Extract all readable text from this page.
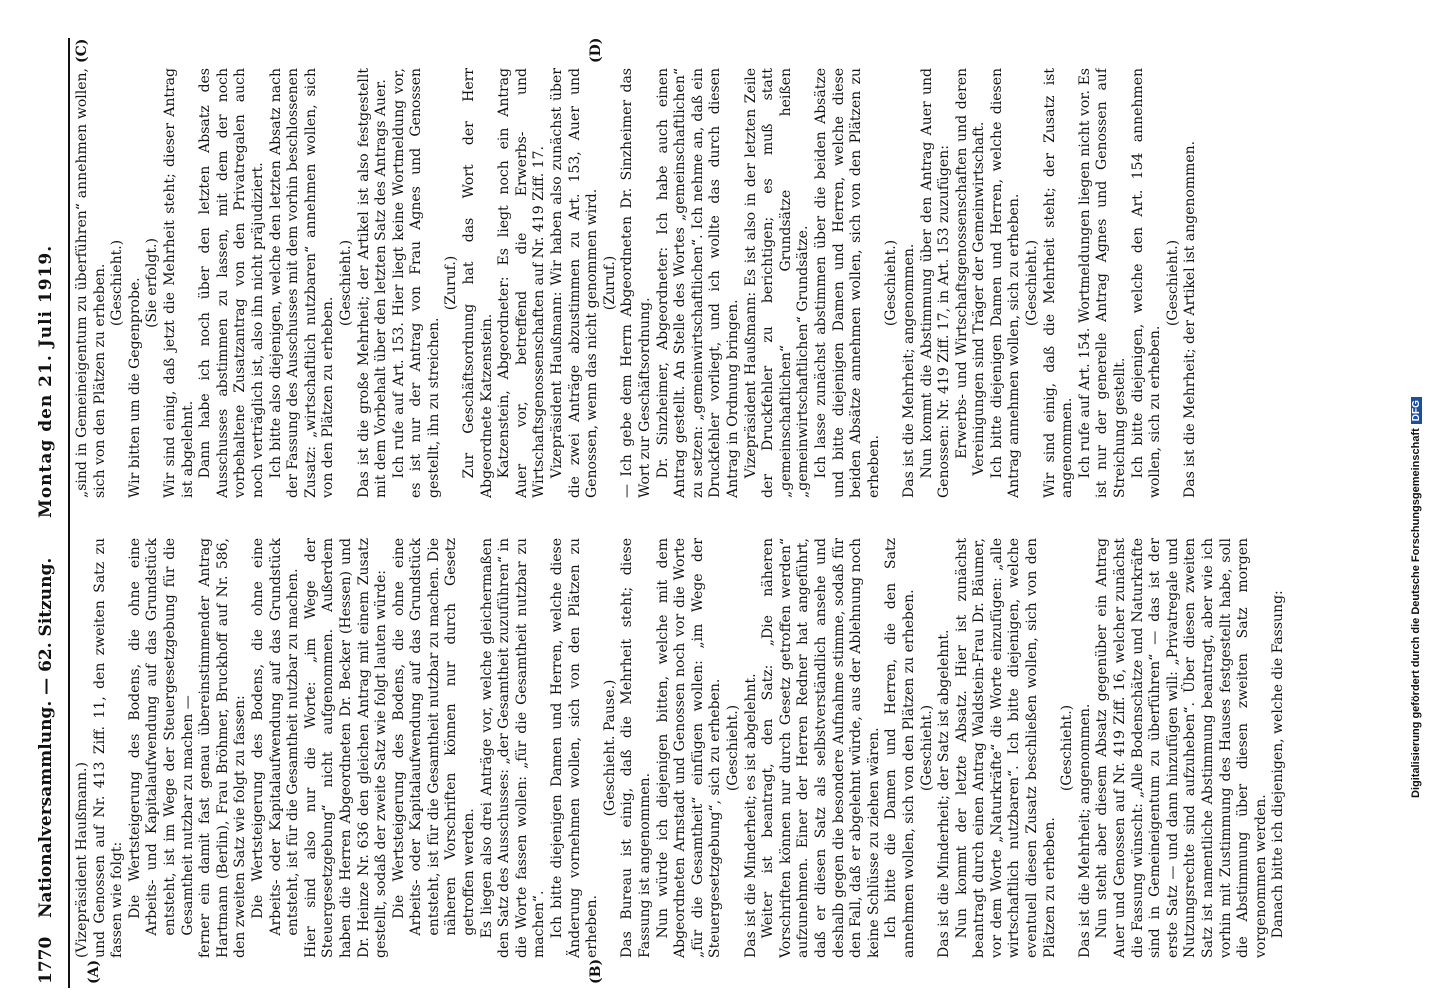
1770
Nationalversammlung. — 62. Sitzung.
Montag den 21. Juli 1919.
(A)	(B)
(C)	(D)

(Vizepräsident Haußmann.) und Genossen auf Nr. 413 Ziff. 11, den zweiten Satz zu fassen wie folgt: Die Wertsteigerung des Bodens, die ohne eine Arbeits- und Kapitalaufwendung auf das Grundstück entsteht, ist im Wege der Steuergesetzgebung für die Gesamtheit nutzbar zu machen — ferner ein damit fast genau übereinstimmender Antrag Hartmann (Berlin), Frau Bröhmer, Bruckhoff auf Nr. 586, den zweiten Satz wie folgt zu fassen: Die Wertsteigerung des Bodens, die ohne eine Arbeits- oder Kapitalaufwendung auf das Grundstück entsteht, ist für die Gesamtheit nutzbar zu machen. Hier sind also nur die Worte: „im Wege der Steuergesetzgebung“ nicht aufgenommen. Außerdem haben die Herren Abgeordneten Dr. Becker (Hessen) und Dr. Heinze Nr. 636 den gleichen Antrag mit einem Zusatz gestellt, sodaß der zweite Satz wie folgt lauten würde: Die Wertsteigerung des Bodens, die ohne eine Arbeits- oder Kapitalaufwendung auf das Grundstück entsteht, ist für die Gesamtheit nutzbar zu machen. Die näheren Vorschriften können nur durch Gesetz getroffen werden. Es liegen also drei Anträge vor, welche gleichermaßen den Satz des Ausschusses: „der Gesamtheit zuzuführen“ in die Worte fassen wollen: „für die Gesamtheit nutzbar zu machen“. Ich bitte diejenigen Damen und Herren, welche diese Änderung vornehmen wollen, sich von den Plätzen zu erheben.

(Geschieht. Pause.) Das Bureau ist einig, daß die Mehrheit steht; diese Fassung ist angenommen. Nun würde ich diejenigen bitten, welche mit dem Abgeordneten Arnstadt und Genossen noch vor die Worte „für die Gesamtheit“ einfügen wollen: „im Wege der Steuergesetzgebung“, sich zu erheben. (Geschieht.) Das ist die Minderheit; es ist abgelehnt. Weiter ist beantragt, den Satz: „Die näheren Vorschriften können nur durch Gesetz getroffen werden“ aufzunehmen. Einer der Herren Redner hat angeführt, daß er diesen Satz als selbstverständlich ansehe und deshalb gegen die besondere Aufnahme stimme, sodaß für den Fall, daß er abgelehnt würde, aus der Ablehnung noch keine Schlüsse zu ziehen wären. Ich bitte die Damen und Herren, die den Satz annehmen wollen, sich von den Plätzen zu erheben. (Geschieht.) Das ist die Minderheit; der Satz ist abgelehnt. Nun kommt der letzte Absatz. Hier ist zunächst beantragt durch einen Antrag Waldstein-Frau Dr. Bäumer, vor dem Worte „Naturkräfte“ die Worte einzufügen: „alle wirtschaftlich nutzbaren“. Ich bitte diejenigen, welche eventuell diesen Zusatz beschließen wollen, sich von den Plätzen zu erheben.

(Geschieht.) Das ist die Mehrheit; angenommen. Nun steht aber diesem Absatz gegenüber ein Antrag Auer und Genossen auf Nr. 419 Ziff. 16, welcher zunächst die Fassung wünscht: „Alle Bodenschätze und Naturkräfte sind in Gemeineigentum zu überführen“ — das ist der erste Satz — und dann hinzufügen will: „Privatregale und Nutzungsrechte sind aufzuheben“. Über diesen zweiten Satz ist namentliche Abstimmung beantragt, aber wie ich vorhin mit Zustimmung des Hauses festgestellt habe, soll die Abstimmung über diesen zweiten Satz morgen vorgenommen werden. Danach bitte ich diejenigen, welche die Fassung:

„sind in Gemeineigentum zu überführen“ annehmen wollen, sich von den Plätzen zu erheben. (Geschieht.) Wir bitten um die Gegenprobe. (Sie erfolgt.) Wir sind einig, daß jetzt die Mehrheit steht; dieser Antrag ist abgelehnt. Dann habe ich noch über den letzten Absatz des Ausschusses abstimmen zu lassen, mit dem der noch vorbehaltene Zusatzantrag von den Privatregalen auch noch verträglich ist, also ihn nicht präjudiziert. Ich bitte also diejenigen, welche den letzten Absatz nach der Fassung des Ausschusses mit dem vorhin beschlossenen Zusatz: „wirtschaftlich nutzbaren“ annehmen wollen, sich von den Plätzen zu erheben.

(Geschieht.) Das ist die große Mehrheit; der Artikel ist also festgestellt mit dem Vorbehalt über den letzten Satz des Antrags Auer. Ich rufe auf Art. 153. Hier liegt keine Wortmeldung vor, es ist nur der Antrag von Frau Agnes und Genossen gestellt, ihn zu streichen.

(Zuruf.) Zur Geschäftsordnung hat das Wort der Herr Abgeordnete Katzenstein. Katzenstein, Abgeordneter: Es liegt noch ein Antrag Auer vor, betreffend die Erwerbs- und Wirtschaftsgenossenschaften auf Nr. 419 Ziff. 17. Vizepräsident Haußmann: Wir haben also zunächst über die zwei Anträge abzustimmen zu Art. 153, Auer und Genossen, wenn das nicht genommen wird. (Zuruf.) — Ich gebe dem Herrn Abgeordneten Dr. Sinzheimer das Wort zur Geschäftsordnung. Dr. Sinzheimer, Abgeordneter: Ich habe auch einen Antrag gestellt. An Stelle des Wortes „gemeinschaftlichen“ zu setzen: „gemeinwirtschaftlichen“. Ich nehme an, daß ein Druckfehler vorliegt, und ich wollte das durch diesen Antrag in Ordnung bringen. Vizepräsident Haußmann: Es ist also in der letzten Zeile der Druckfehler zu berichtigen; es muß statt „gemeinschaftlichen“ Grundsätze heißen „gemeinwirtschaftlichen“ Grundsätze. Ich lasse zunächst abstimmen über die beiden Absätze und bitte diejenigen Damen und Herren, welche diese beiden Absätze annehmen wollen, sich von den Plätzen zu erheben.

(Geschieht.) Das ist die Mehrheit; angenommen. Nun kommt die Abstimmung über den Antrag Auer und Genossen: Nr. 419 Ziff. 17, in Art. 153 zuzufügen: Erwerbs- und Wirtschaftsgenossenschaften und deren Vereinigungen sind Träger der Gemeinwirtschaft. Ich bitte diejenigen Damen und Herren, welche diesen Antrag annehmen wollen, sich zu erheben. (Geschieht.) Wir sind einig, daß die Mehrheit steht; der Zusatz ist angenommen. Ich rufe auf Art. 154. Wortmeldungen liegen nicht vor. Es ist nur der generelle Antrag Agnes und Genossen auf Streichung gestellt. Ich bitte diejenigen, welche den Art. 154 annehmen wollen, sich zu erheben.

(Geschieht.) Das ist die Mehrheit; der Artikel ist angenommen.

Digitalisierung gefördert durch die Deutsche ForschungsgemeinschaftDFG
